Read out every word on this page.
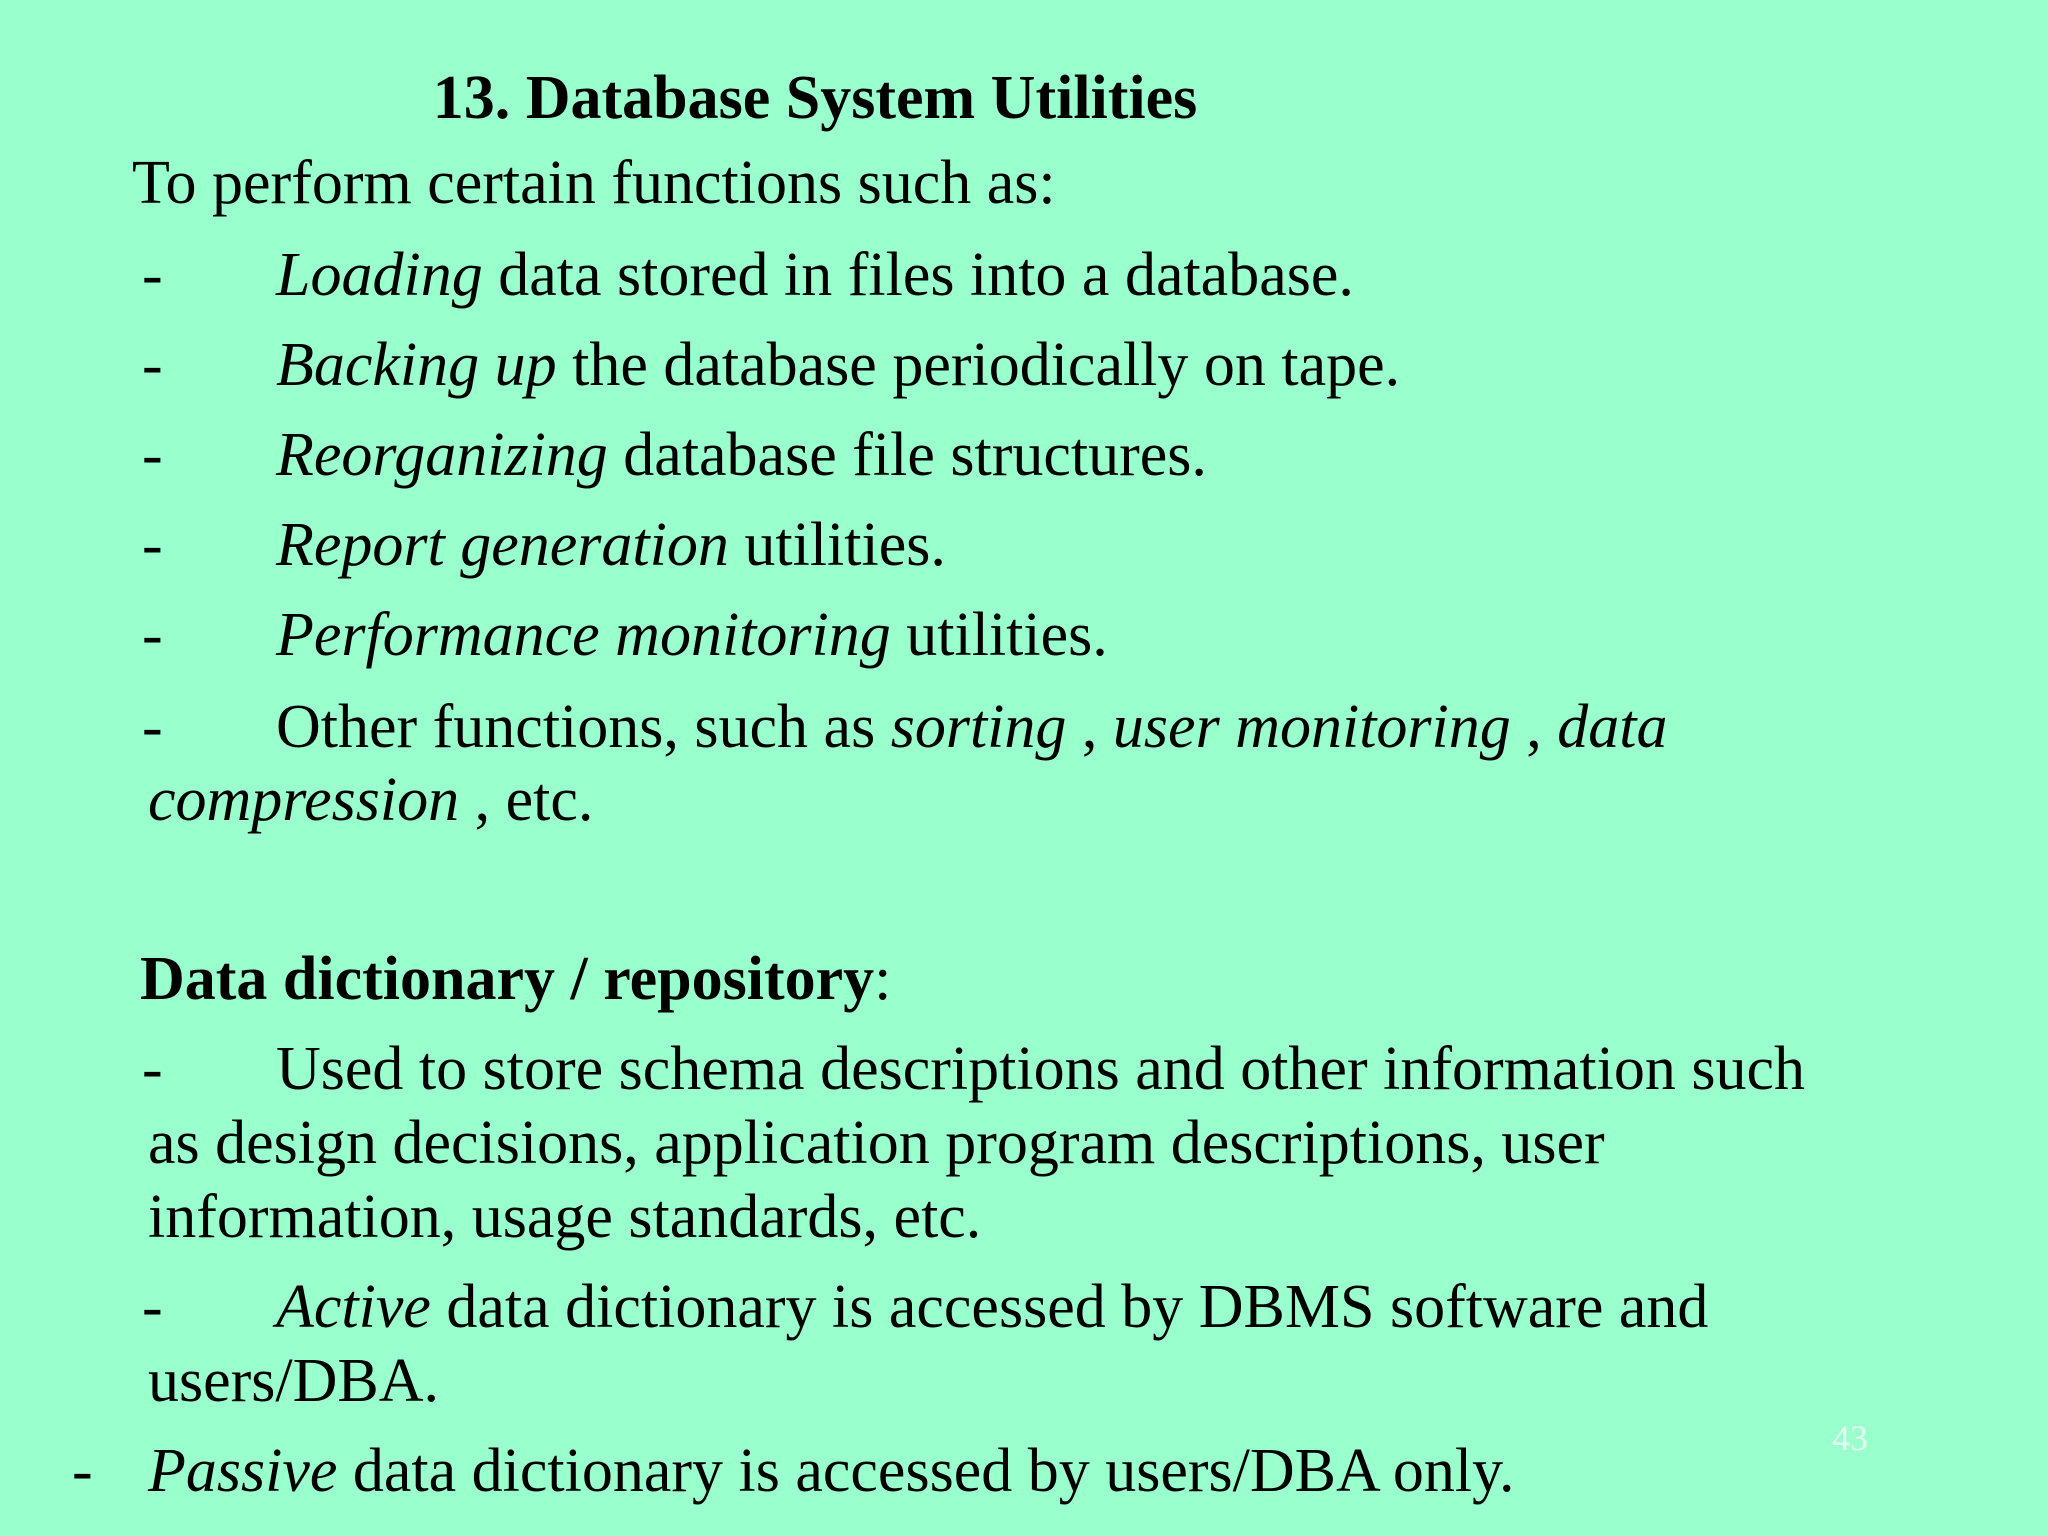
13. Database System Utilities
To perform certain functions such as:
- Loading data stored in files into a database.
- Backing up the database periodically on tape.
- Reorganizing database file structures.
- Report generation utilities.
- Performance monitoring utilities.
- Other functions, such as sorting , user monitoring , data
compression , etc.
Data dictionary / repository:
- Used to store schema descriptions and other information such
as design decisions, application program descriptions, user
information, usage standards, etc.
- Active data dictionary is accessed by DBMS software and
users/DBA.
- Passive data dictionary is accessed by users/DBA only.	43
